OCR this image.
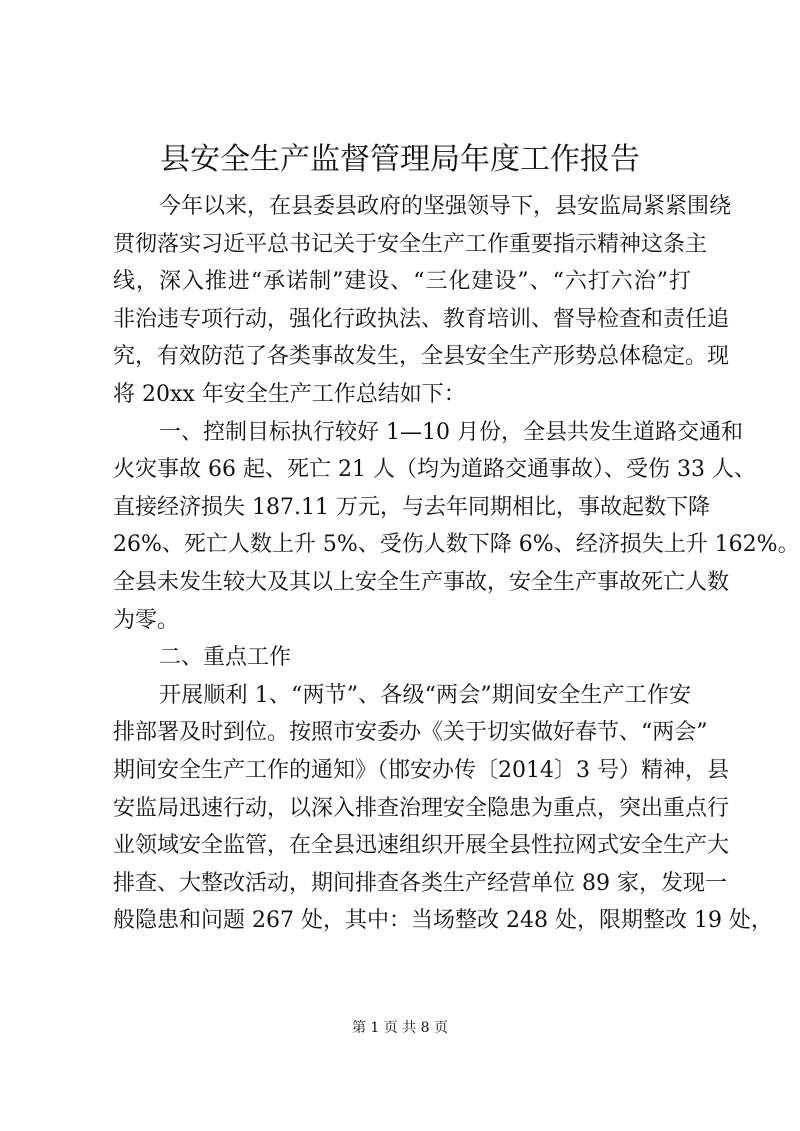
县安全生产监督管理局年度工作报告
今年以来，在县委县政府的坚强领导下，县安监局紧紧围绕
贯彻落实习近平总书记关于安全生产工作重要指示精神这条主
线，深入推进“承诺制”建设、“三化建设”、“六打六治”打
非治违专项行动，强化行政执法、教育培训、督导检查和责任追
究，有效防范了各类事故发生，全县安全生产形势总体稳定。现
将 20xx 年安全生产工作总结如下：
一、控制目标执行较好 1—10 月份，全县共发生道路交通和
火灾事故 66 起、死亡 21 人（均为道路交通事故）、受伤 33 人、
直接经济损失 187.11 万元，与去年同期相比，事故起数下降
26%、死亡人数上升 5%、受伤人数下降 6%、经济损失上升 162%。
全县未发生较大及其以上安全生产事故，安全生产事故死亡人数
为零。
二、重点工作
开展顺利 1、“两节”、各级“两会”期间安全生产工作安
排部署及时到位。按照市安委办《关于切实做好春节、“两会”
期间安全生产工作的通知》（邯安办传〔2014〕3 号）精神，县
安监局迅速行动，以深入排查治理安全隐患为重点，突出重点行
业领域安全监管，在全县迅速组织开展全县性拉网式安全生产大
排查、大整改活动，期间排查各类生产经营单位 89 家，发现一
般隐患和问题 267 处，其中：当场整改 248 处，限期整改 19 处，
第 1 页 共 8 页
